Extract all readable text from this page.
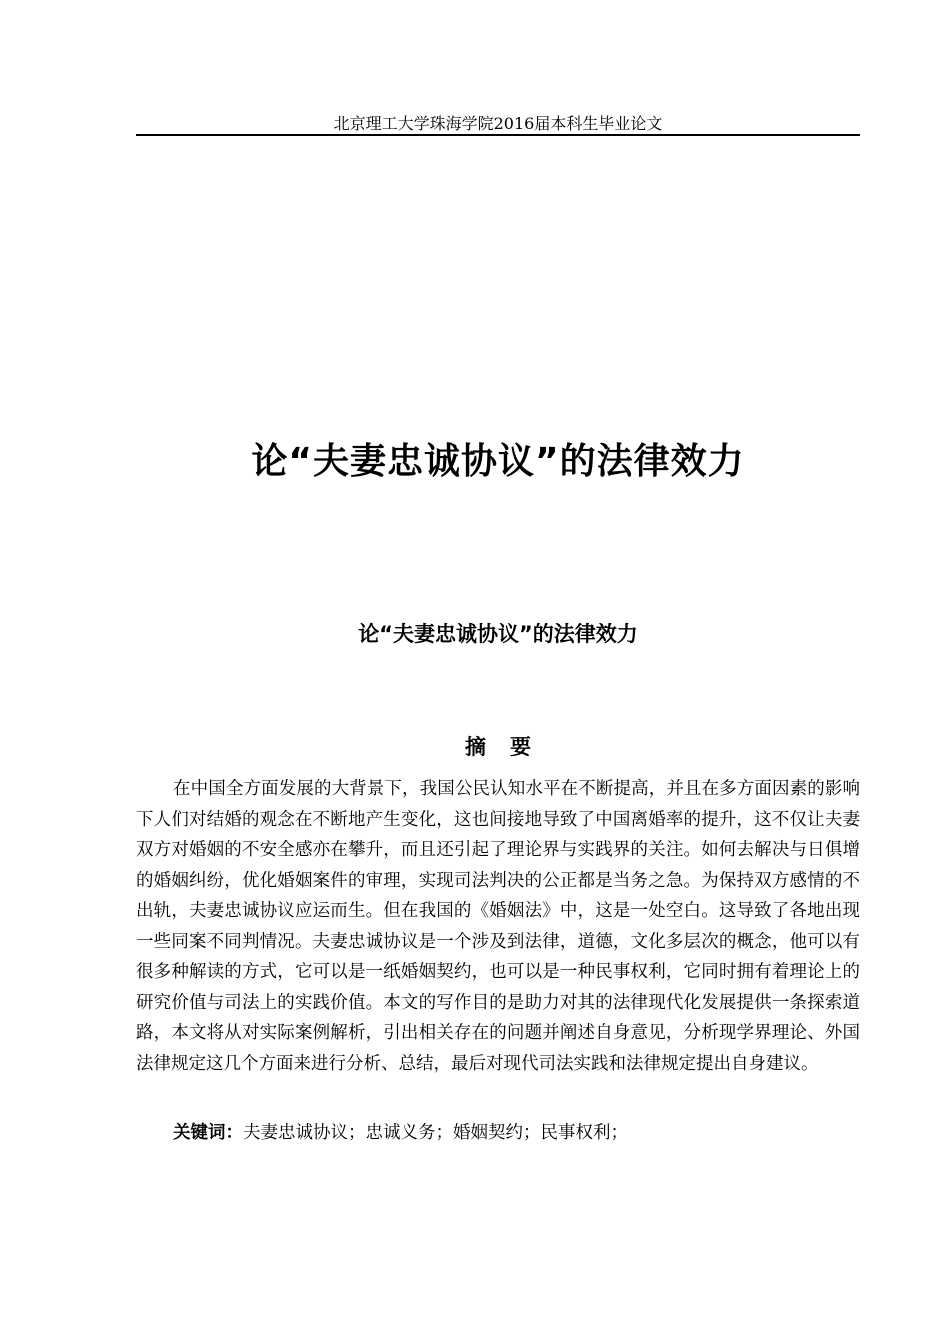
北京理工大学珠海学院2016届本科生毕业论文
论“夫妻忠诚协议”的法律效力
论“夫妻忠诚协议”的法律效力
摘要

在中国全方面发展的大背景下，我国公民认知水平在不断提高，并且在多方面因素的影响下人们对结婚的观念在不断地产生变化，这也间接地导致了中国离婚率的提升，这不仅让夫妻双方对婚姻的不安全感亦在攀升，而且还引起了理论界与实践界的关注。如何去解决与日俱增的婚姻纠纷，优化婚姻案件的审理，实现司法判决的公正都是当务之急。为保持双方感情的不出轨，夫妻忠诚协议应运而生。但在我国的《婚姻法》中，这是一处空白。这导致了各地出现一些同案不同判情况。夫妻忠诚协议是一个涉及到法律，道德，文化多层次的概念，他可以有很多种解读的方式，它可以是一纸婚姻契约，也可以是一种民事权利，它同时拥有着理论上的研究价值与司法上的实践价值。本文的写作目的是助力对其的法律现代化发展提供一条探索道路，本文将从对实际案例解析，引出相关存在的问题并阐述自身意见，分析现学界理论、外国法律规定这几个方面来进行分析、总结，最后对现代司法实践和法律规定提出自身建议。

关键词：夫妻忠诚协议；忠诚义务；婚姻契约；民事权利；
